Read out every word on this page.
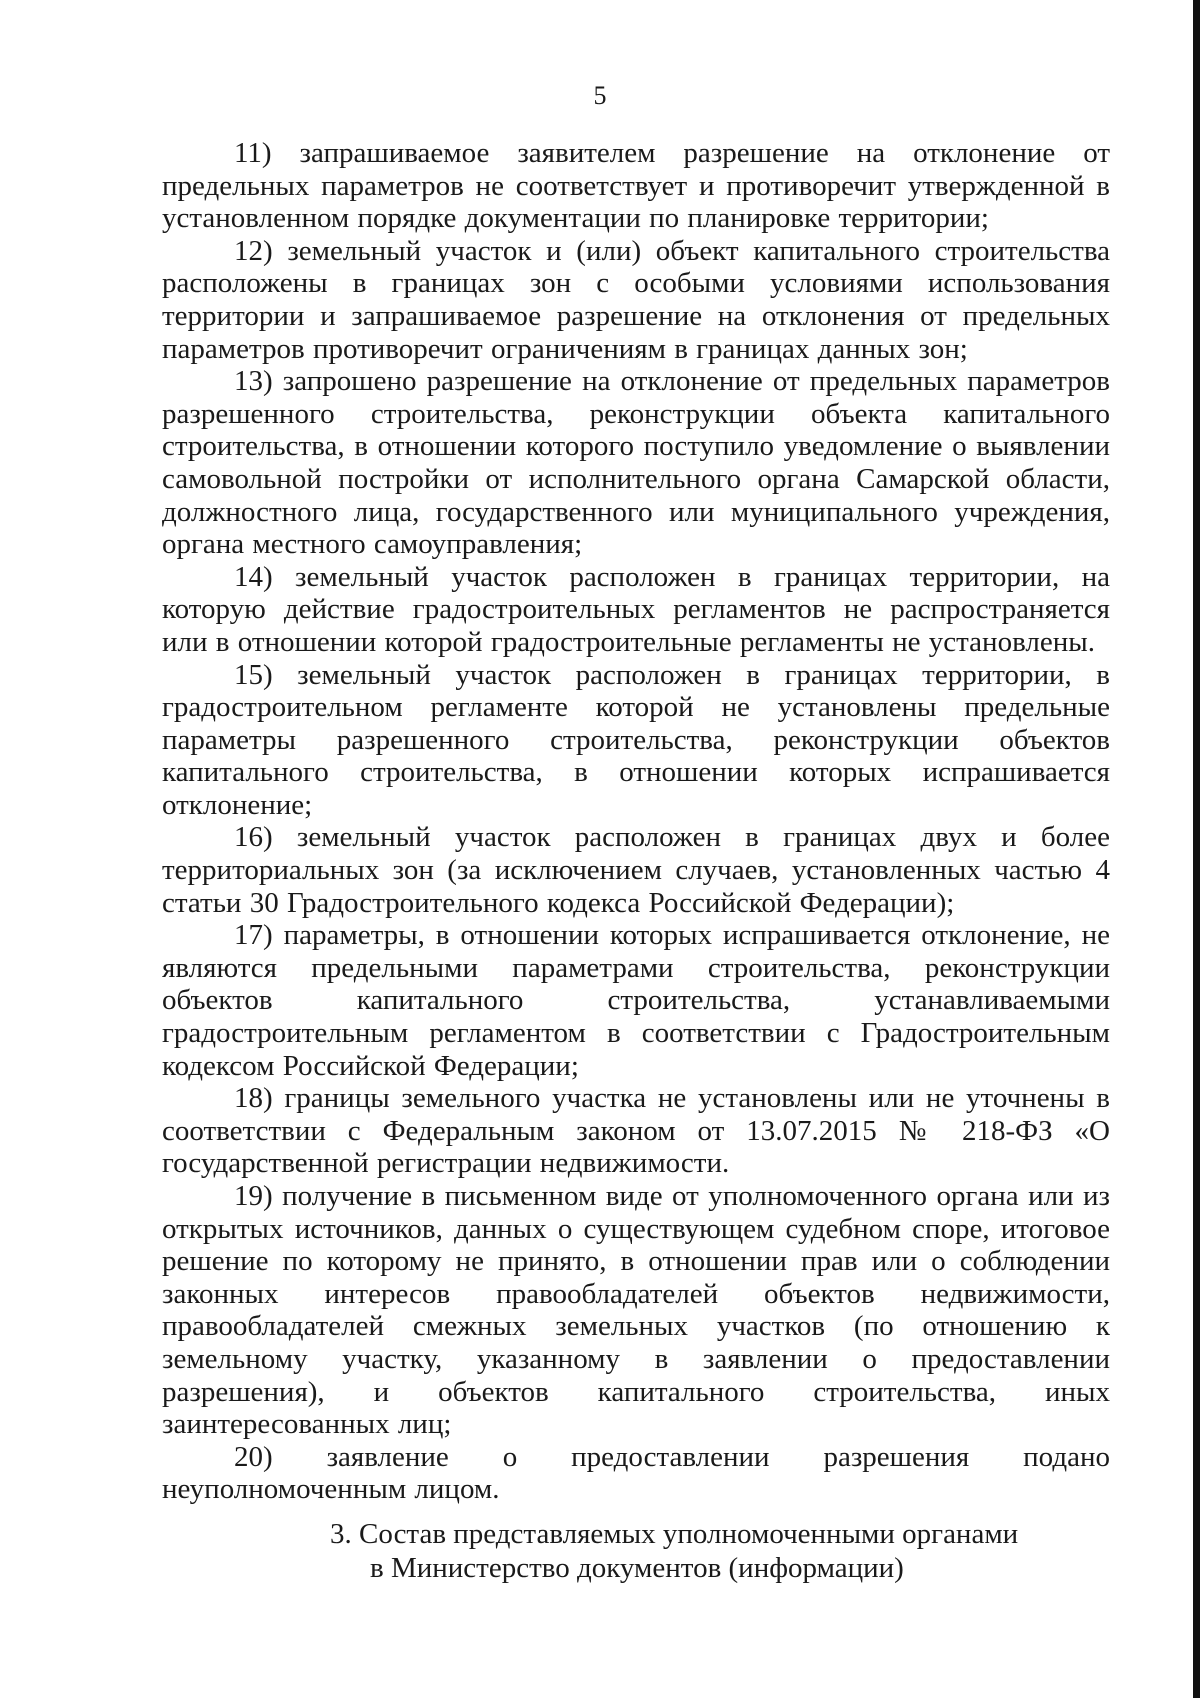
5

11) запрашиваемое заявителем разрешение на отклонение от предельных параметров не соответствует и противоречит утвержденной в установленном порядке документации по планировке территории;

12) земельный участок и (или) объект капитального строительства расположены в границах зон с особыми условиями использования территории и запрашиваемое разрешение на отклонения от предельных параметров противоречит ограничениям в границах данных зон;

13) запрошено разрешение на отклонение от предельных параметров разрешенного строительства, реконструкции объекта капитального строительства, в отношении которого поступило уведомление о выявлении самовольной постройки от исполнительного органа Самарской области, должностного лица, государственного или муниципального учреждения, органа местного самоуправления;

14) земельный участок расположен в границах территории, на которую действие градостроительных регламентов не распространяется или в отношении которой градостроительные регламенты не установлены.

15) земельный участок расположен в границах территории, в градостроительном регламенте которой не установлены предельные параметры разрешенного строительства, реконструкции объектов капитального строительства, в отношении которых испрашивается отклонение;

16) земельный участок расположен в границах двух и более территориальных зон (за исключением случаев, установленных частью 4 статьи 30 Градостроительного кодекса Российской Федерации);

17) параметры, в отношении которых испрашивается отклонение, не являются предельными параметрами строительства, реконструкции объектов капитального строительства, устанавливаемыми градостроительным регламентом в соответствии с Градостроительным кодексом Российской Федерации;

18) границы земельного участка не установлены или не уточнены в соответствии с Федеральным законом от 13.07.2015 № 218-ФЗ «О государственной регистрации недвижимости.

19) получение в письменном виде от уполномоченного органа или из открытых источников, данных о существующем судебном споре, итоговое решение по которому не принято, в отношении прав или о соблюдении законных интересов правообладателей объектов недвижимости, правообладателей смежных земельных участков (по отношению к земельному участку, указанному в заявлении о предоставлении разрешения), и объектов капитального строительства, иных заинтересованных лиц;

20) заявление о предоставлении разрешения подано неуполномоченным лицом.

3. Состав представляемых уполномоченными органами
в Министерство документов (информации)
